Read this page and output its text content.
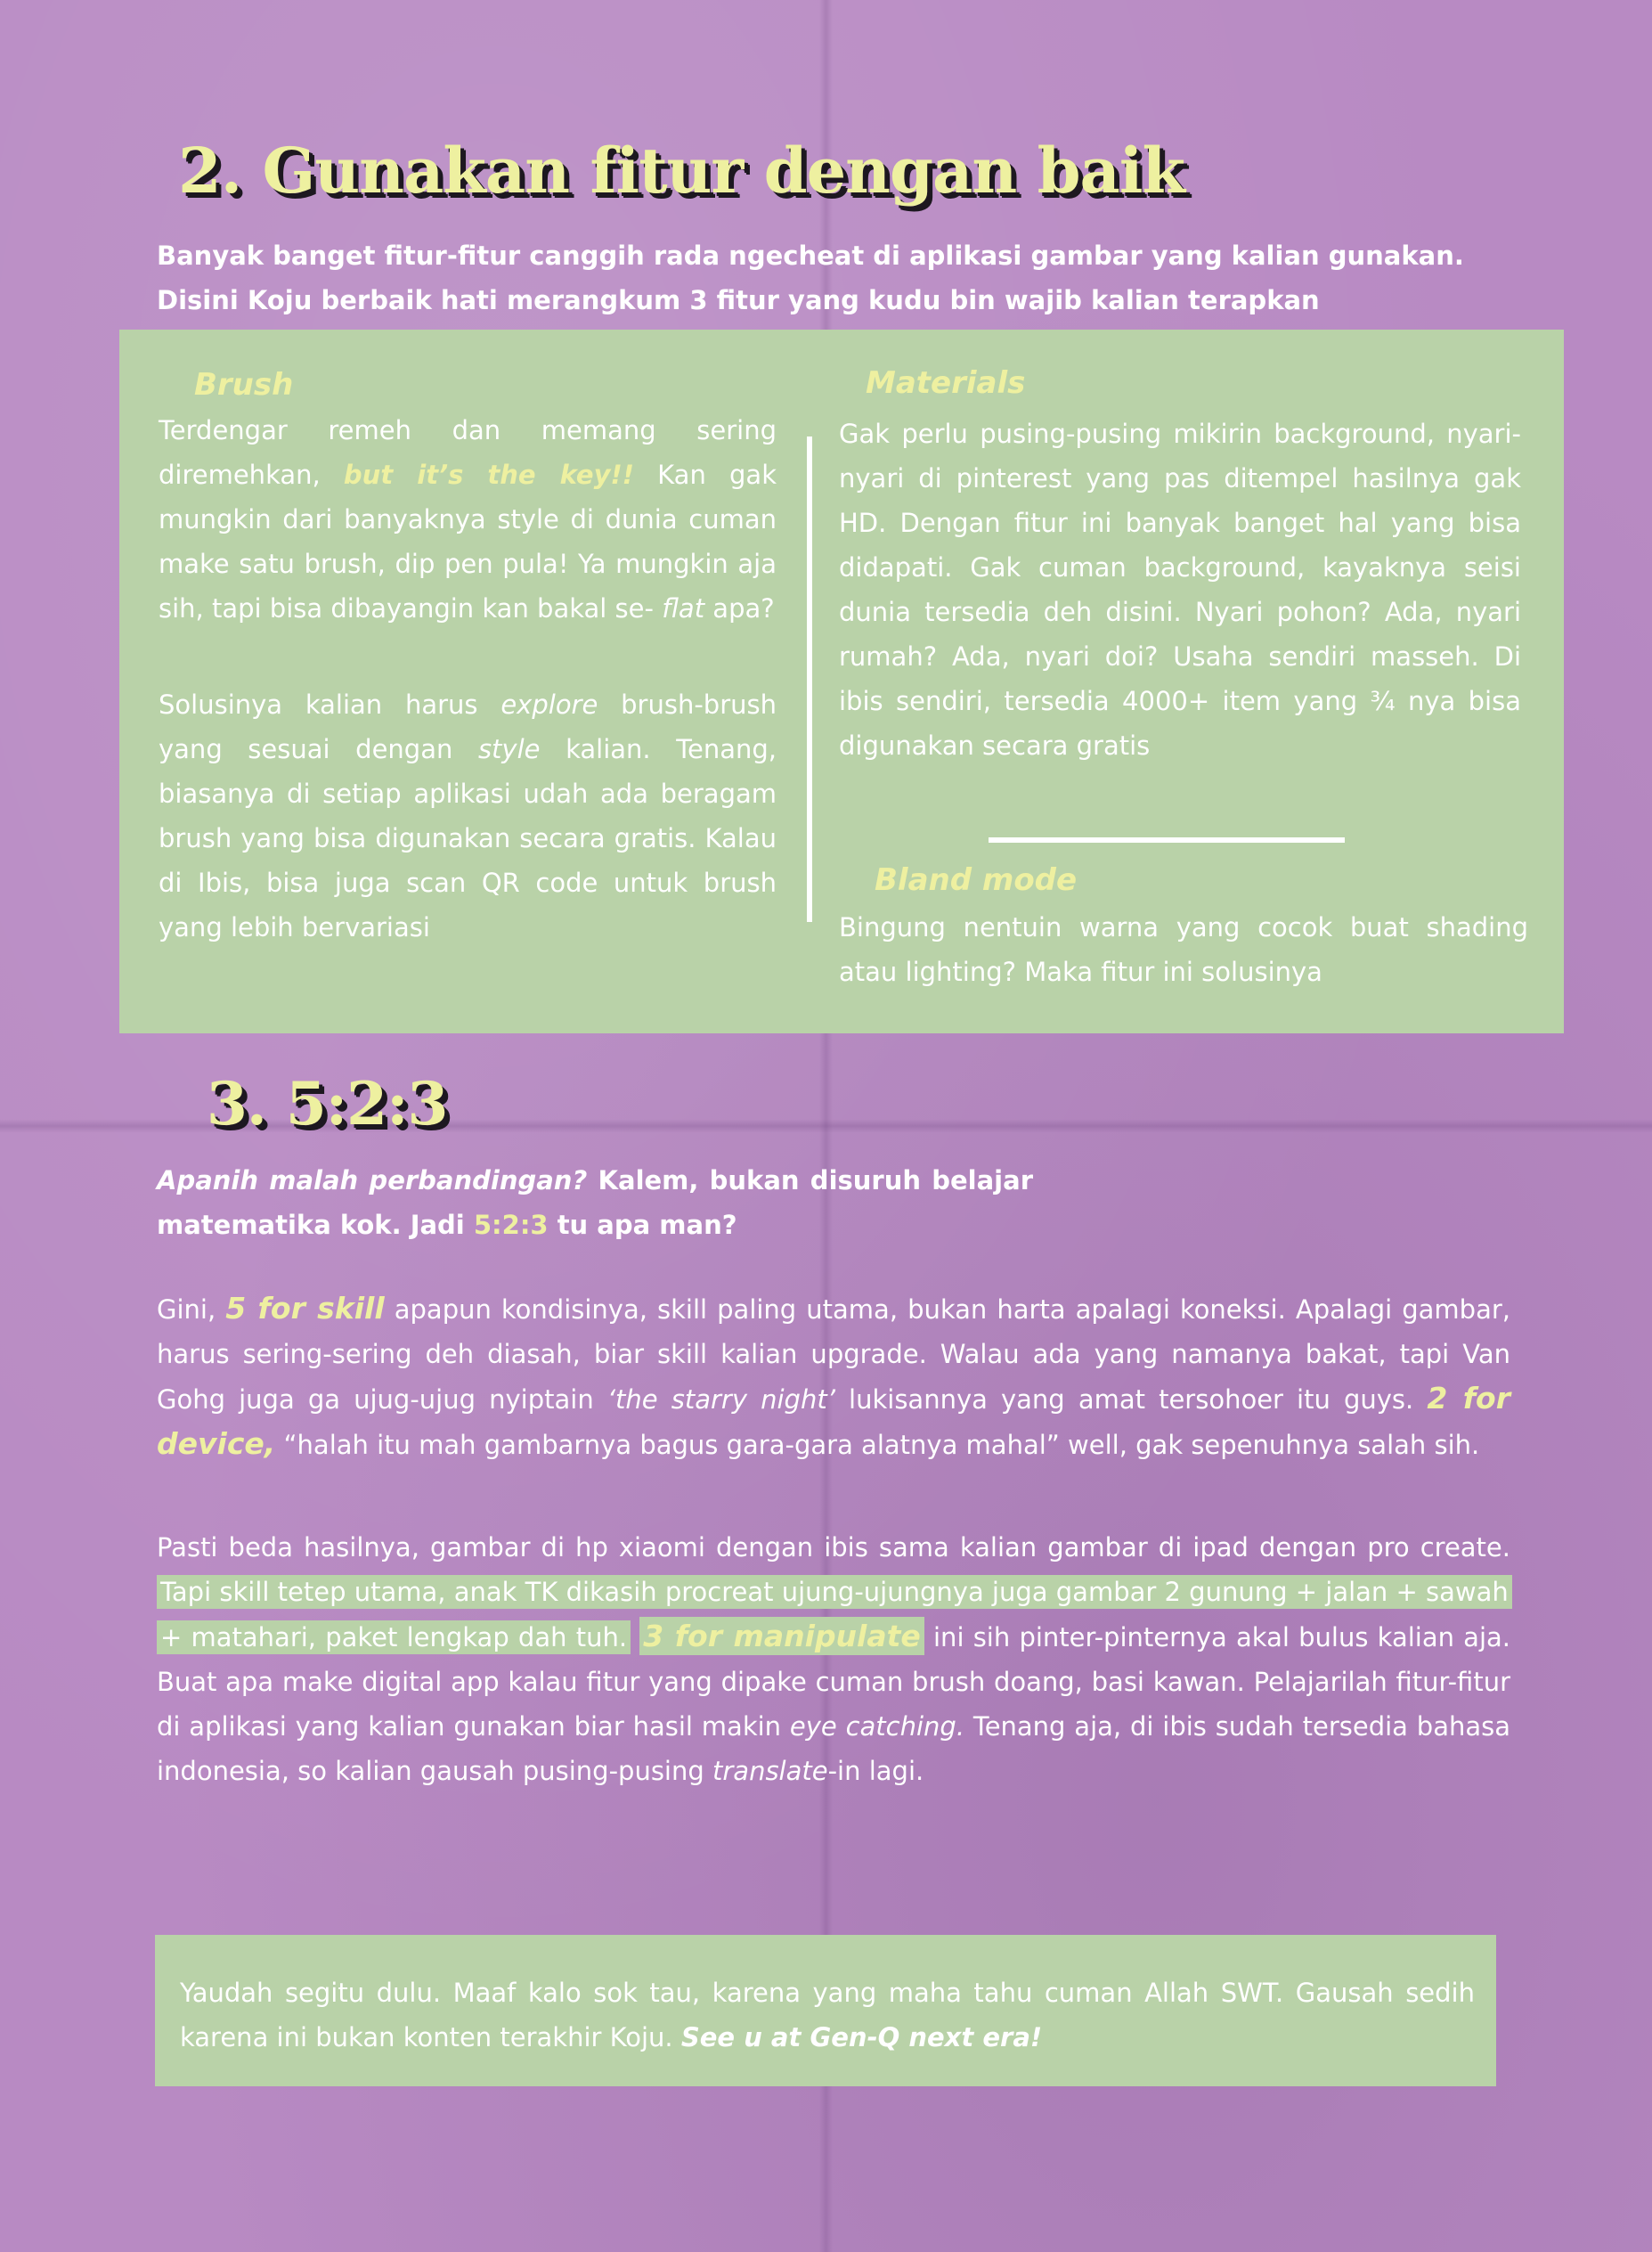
2. Gunakan fitur dengan baik

Banyak banget fitur-fitur canggih rada ngecheat di aplikasi gambar yang kalian gunakan.
Disini Koju berbaik hati merangkum 3 fitur yang kudu bin wajib kalian terapkan

Brush

Terdengar remeh dan memang sering diremehkan, but it’s the key!! Kan gak mungkin dari banyaknya style di dunia cuman make satu brush, dip pen pula! Ya mungkin aja sih, tapi bisa dibayangin kan bakal se- flat apa?

Solusinya kalian harus explore brush-brush yang sesuai dengan style kalian. Tenang, biasanya di setiap aplikasi udah ada beragam brush yang bisa digunakan secara gratis. Kalau di Ibis, bisa juga scan QR code untuk brush yang lebih bervariasi

Materials

Gak perlu pusing-pusing mikirin background, nyari-nyari di pinterest yang pas ditempel hasilnya gak HD. Dengan fitur ini banyak banget hal yang bisa didapati. Gak cuman background, kayaknya seisi dunia tersedia deh disini. Nyari pohon? Ada, nyari rumah? Ada, nyari doi? Usaha sendiri masseh. Di ibis sendiri, tersedia 4000+ item yang ¾ nya bisa digunakan secara gratis

Bland mode

Bingung nentuin warna yang cocok buat shading atau lighting? Maka fitur ini solusinya

3. 5:2:3

Apanih malah perbandingan? Kalem, bukan disuruh belajar matematika kok. Jadi 5:2:3 tu apa man?

Gini, 5 for skill apapun kondisinya, skill paling utama, bukan harta apalagi koneksi. Apalagi gambar, harus sering-sering deh diasah, biar skill kalian upgrade. Walau ada yang namanya bakat, tapi Van Gohg juga ga ujug-ujug nyiptain ‘the starry night’ lukisannya yang amat tersohoer itu guys. 2 for device, “halah itu mah gambarnya bagus gara-gara alatnya mahal” well, gak sepenuhnya salah sih.

Pasti beda hasilnya, gambar di hp xiaomi dengan ibis sama kalian gambar di ipad dengan pro create. Tapi skill tetep utama, anak TK dikasih procreat ujung-ujungnya juga gambar 2 gunung + jalan + sawah + matahari, paket lengkap dah tuh. 3 for manipulate ini sih pinter-pinternya akal bulus kalian aja. Buat apa make digital app kalau fitur yang dipake cuman brush doang, basi kawan. Pelajarilah fitur-fitur di aplikasi yang kalian gunakan biar hasil makin eye catching. Tenang aja, di ibis sudah tersedia bahasa indonesia, so kalian gausah pusing-pusing translate-in lagi.

Yaudah segitu dulu. Maaf kalo sok tau, karena yang maha tahu cuman Allah SWT. Gausah sedih karena ini bukan konten terakhir Koju. See u at Gen-Q next era!
